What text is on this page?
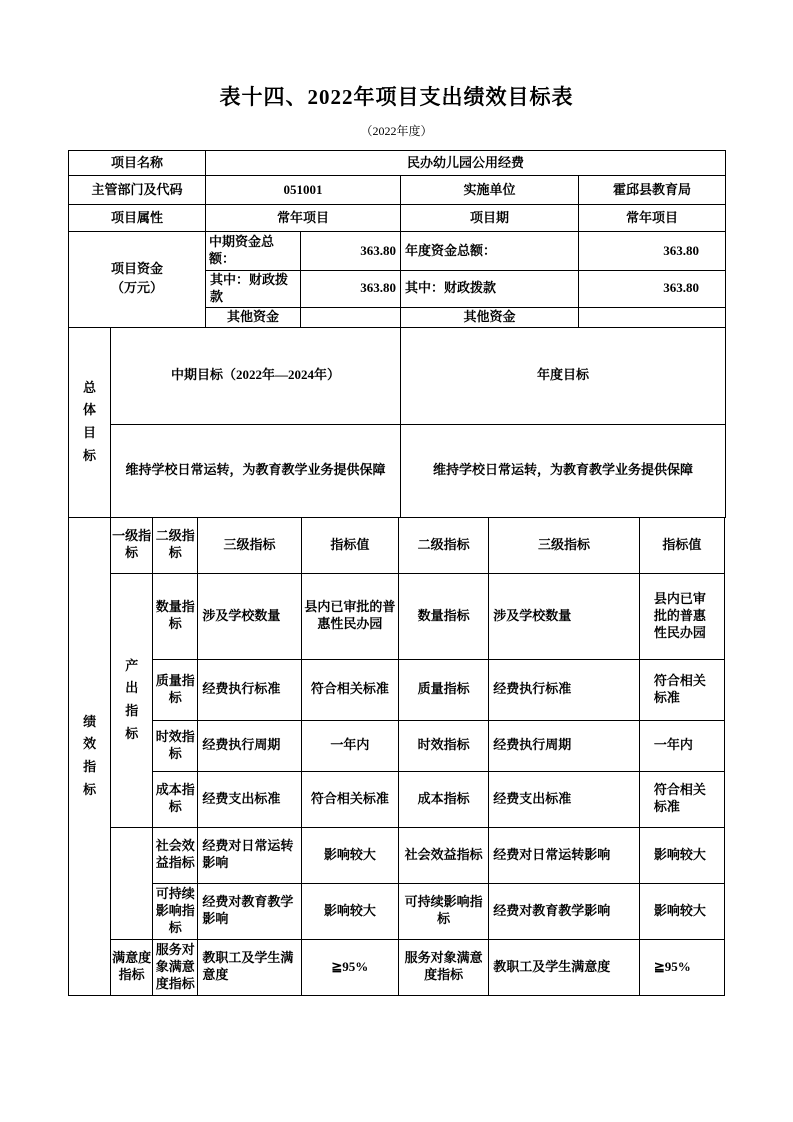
表十四、2022年项目支出绩效目标表
（2022年度）
项目名称	民办幼儿园公用经费			
主管部门及代码	051001		实施单位	霍邱县教育局
项目属性	常年项目		项目期	常年项目

项目资金（万元）	中期资金总额：	363.80	年度资金总额：	363.80
	其中：财政拨款	363.80	其中：财政拨款	363.80
	其他资金		其他资金	
总体目标	中期目标（2022年—2024年）	年度目标
	维持学校日常运转，为教育教学业务提供保障	维持学校日常运转，为教育教学业务提供保障
绩效指标	一级指标	二级指标	三级指标	指标值	二级指标	三级指标	指标值

	产出指标	数量指标	涉及学校数量	县内已审批的普惠性民办园	数量指标	涉及学校数量	县内已审批的普惠性民办园

		质量指标	经费执行标准	符合相关标准	质量指标	经费执行标准	符合相关标准

		时效指标	经费执行周期	一年内	时效指标	经费执行周期	一年内

		成本指标	经费支出标准	符合相关标准	成本指标	经费支出标准	符合相关标准

		社会效益指标	经费对日常运转影响	影响较大	社会效益指标	经费对日常运转影响	影响较大

		可持续影响指标	经费对教育教学影响	影响较大	可持续影响指标	经费对教育教学影响	影响较大

	满意度指标	服务对象满意度指标	教职工及学生满意度	≧95%	服务对象满意度指标	教职工及学生满意度	≧95%
